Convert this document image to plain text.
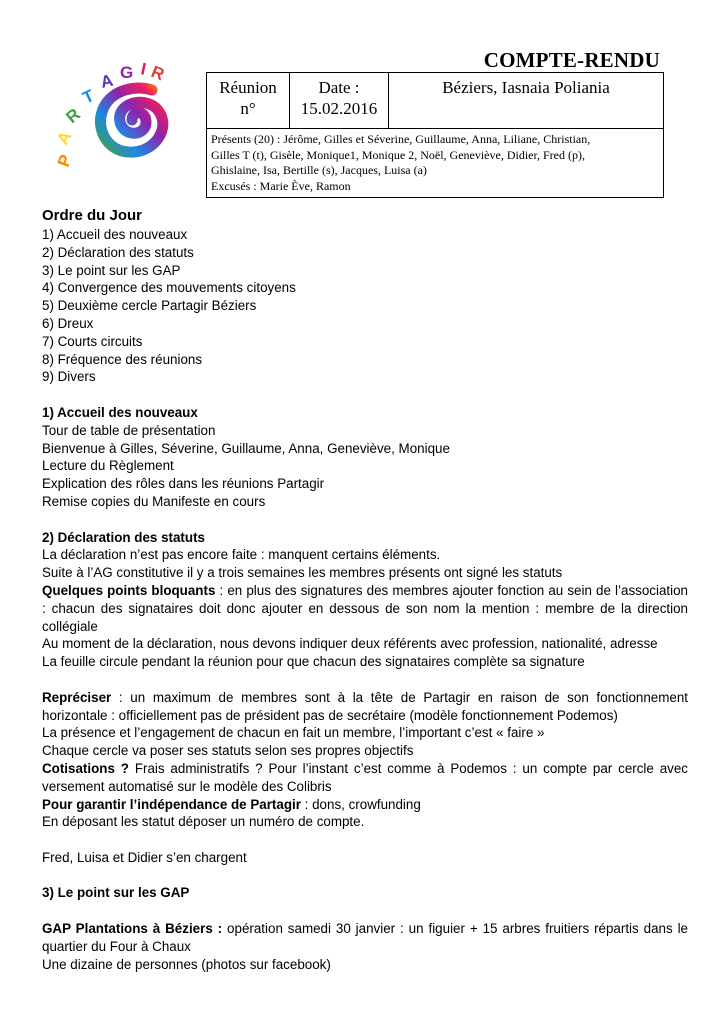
P
A
R
T
A G I R
COMPTE-RENDU
Réunion
n°

Date :
15.02.2016

Béziers, Iasnaia Poliania

Présents (20) : Jérôme, Gilles et Séverine, Guillaume, Anna, Liliane, Christian,
Gilles T (t), Gisèle, Monique1, Monique 2, Noël, Geneviève, Didier, Fred (p),
Ghislaine, Isa, Bertille (s), Jacques, Luisa (a)
Excusés : Marie Ève, Ramon

Ordre du Jour

1) Accueil des nouveaux

2) Déclaration des statuts

3) Le point sur les GAP

4) Convergence des mouvements citoyens

5) Deuxième cercle Partagir Béziers

6) Dreux

7) Courts circuits

8) Fréquence des réunions

9) Divers

1) Accueil des nouveaux

Tour de table de présentation

Bienvenue à Gilles, Séverine, Guillaume, Anna, Geneviève, Monique

Lecture du Règlement

Explication des rôles dans les réunions Partagir

Remise copies du Manifeste en cours

2) Déclaration des statuts

La déclaration n’est pas encore faite : manquent certains éléments.

Suite à l’AG constitutive il y a trois semaines les membres présents ont signé les statuts

Quelques points bloquants : en plus des signatures des membres ajouter fonction au sein de l’association : chacun des signataires doit donc ajouter en dessous de son nom la mention : membre de la direction collégiale

Au moment de la déclaration, nous devons indiquer deux référents avec profession, nationalité, adresse

La feuille circule pendant la réunion pour que chacun des signataires complète sa signature

Repréciser : un maximum de membres sont à la tête de Partagir en raison de son fonctionnement horizontale : officiellement pas de président pas de secrétaire (modèle fonctionnement Podemos)

La présence et l’engagement de chacun en fait un membre, l’important c’est « faire »

Chaque cercle va poser ses statuts selon ses propres objectifs

Cotisations ? Frais administratifs ? Pour l’instant c’est comme à Podemos : un compte par cercle avec versement automatisé sur le modèle des Colibris

Pour garantir l’indépendance de Partagir : dons, crowfunding

En déposant les statut déposer un numéro de compte.

Fred, Luisa et Didier s’en chargent

3) Le point sur les GAP

GAP Plantations à Béziers : opération samedi 30 janvier : un figuier + 15 arbres fruitiers répartis dans le quartier du Four à Chaux

Une dizaine de personnes (photos sur facebook)
